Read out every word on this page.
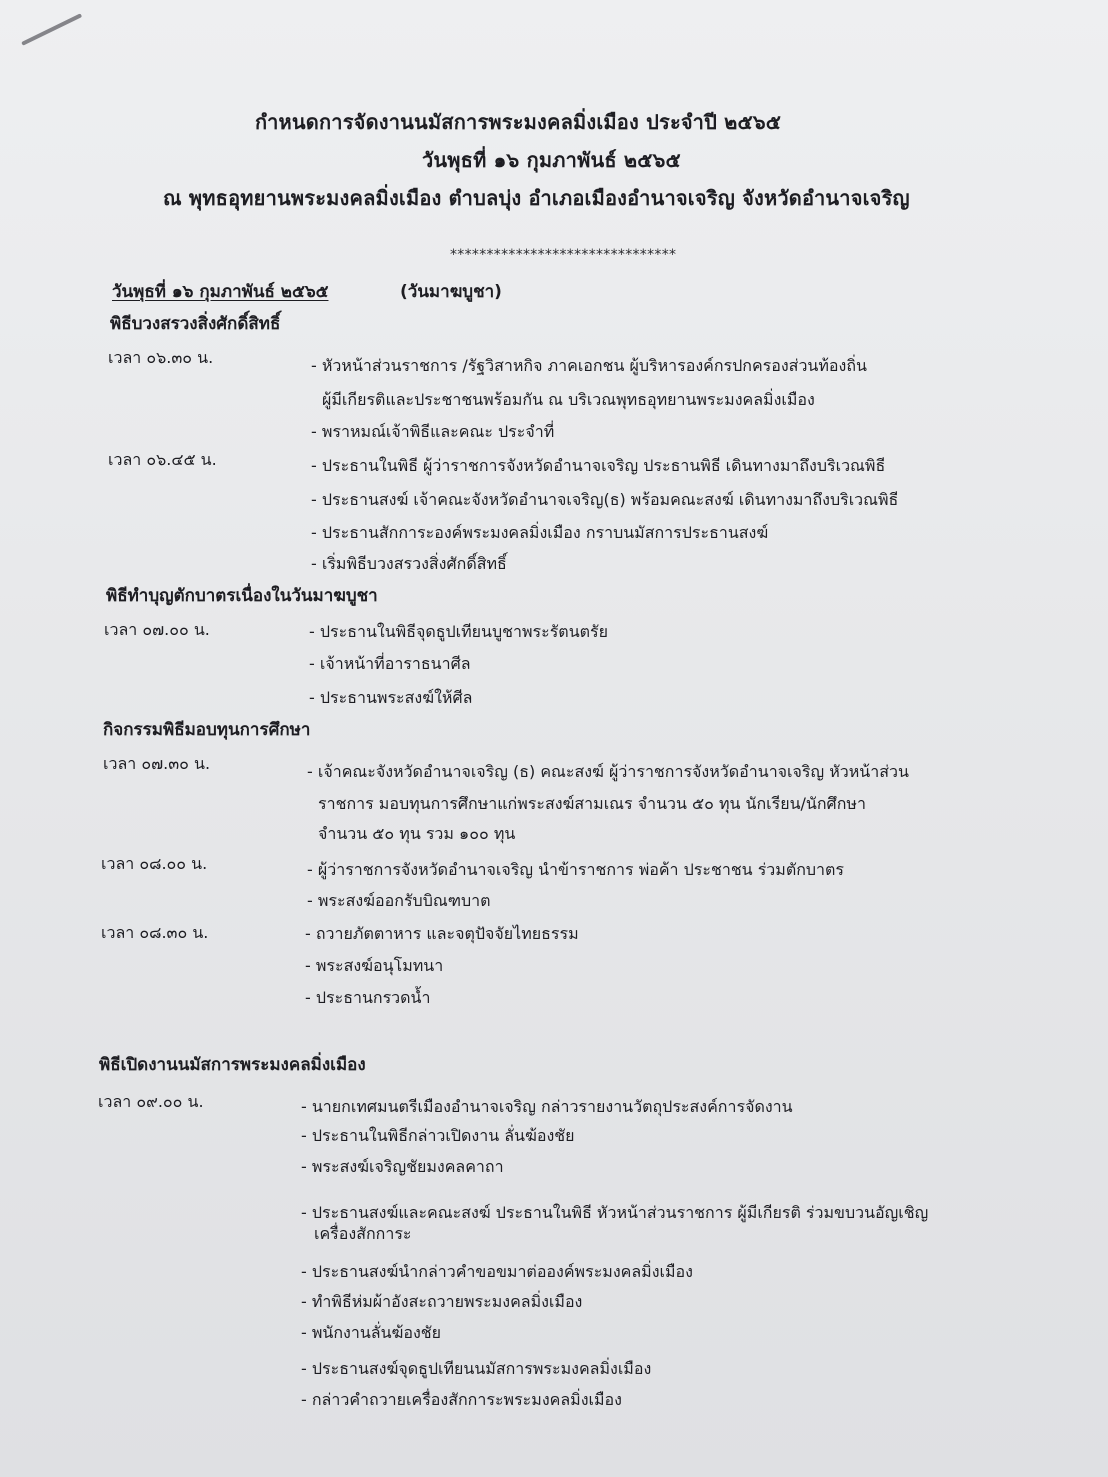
กำหนดการจัดงานนมัสการพระมงคลมิ่งเมือง ประจำปี ๒๕๖๕
วันพุธที่ ๑๖ กุมภาพันธ์ ๒๕๖๕
ณ พุทธอุทยานพระมงคลมิ่งเมือง ตำบลบุ่ง อำเภอเมืองอำนาจเจริญ จังหวัดอำนาจเจริญ
*******************************
วันพุธที่ ๑๖ กุมภาพันธ์ ๒๕๖๕	(วันมาฆบูชา)
พิธีบวงสรวงสิ่งศักดิ์สิทธิ์
เวลา ๐๖.๓๐ น.	- หัวหน้าส่วนราชการ /รัฐวิสาหกิจ ภาคเอกชน ผู้บริหารองค์กรปกครองส่วนท้องถิ่น
ผู้มีเกียรติและประชาชนพร้อมกัน ณ บริเวณพุทธอุทยานพระมงคลมิ่งเมือง
- พราหมณ์เจ้าพิธีและคณะ ประจำที่
เวลา ๐๖.๔๕ น.	- ประธานในพิธี ผู้ว่าราชการจังหวัดอำนาจเจริญ ประธานพิธี เดินทางมาถึงบริเวณพิธี
- ประธานสงฆ์ เจ้าคณะจังหวัดอำนาจเจริญ(ธ) พร้อมคณะสงฆ์ เดินทางมาถึงบริเวณพิธี
- ประธานสักการะองค์พระมงคลมิ่งเมือง กราบนมัสการประธานสงฆ์
- เริ่มพิธีบวงสรวงสิ่งศักดิ์สิทธิ์
พิธีทำบุญตักบาตรเนื่องในวันมาฆบูชา
เวลา ๐๗.๐๐ น.	- ประธานในพิธีจุดธูปเทียนบูชาพระรัตนตรัย
- เจ้าหน้าที่อาราธนาศีล
- ประธานพระสงฆ์ให้ศีล
กิจกรรมพิธีมอบทุนการศึกษา
เวลา ๐๗.๓๐ น.	- เจ้าคณะจังหวัดอำนาจเจริญ (ธ) คณะสงฆ์ ผู้ว่าราชการจังหวัดอำนาจเจริญ หัวหน้าส่วน
ราชการ มอบทุนการศึกษาแก่พระสงฆ์สามเณร จำนวน ๕๐ ทุน นักเรียน/นักศึกษา
จำนวน ๕๐ ทุน รวม ๑๐๐ ทุน
เวลา ๐๘.๐๐ น.	- ผู้ว่าราชการจังหวัดอำนาจเจริญ นำข้าราชการ พ่อค้า ประชาชน ร่วมตักบาตร
- พระสงฆ์ออกรับบิณฑบาต
เวลา ๐๘.๓๐ น.	- ถวายภัตตาหาร และจตุปัจจัยไทยธรรม
- พระสงฆ์อนุโมทนา
- ประธานกรวดน้ำ
พิธีเปิดงานนมัสการพระมงคลมิ่งเมือง
เวลา ๐๙.๐๐ น.	- นายกเทศมนตรีเมืองอำนาจเจริญ กล่าวรายงานวัตถุประสงค์การจัดงาน
- ประธานในพิธีกล่าวเปิดงาน ลั่นฆ้องชัย
- พระสงฆ์เจริญชัยมงคลคาถา
- ประธานสงฆ์และคณะสงฆ์ ประธานในพิธี หัวหน้าส่วนราชการ ผู้มีเกียรติ ร่วมขบวนอัญเชิญ
เครื่องสักการะ
- ประธานสงฆ์นำกล่าวคำขอขมาต่อองค์พระมงคลมิ่งเมือง
- ทำพิธีห่มผ้าอังสะถวายพระมงคลมิ่งเมือง
- พนักงานลั่นฆ้องชัย
- ประธานสงฆ์จุดธูปเทียนนมัสการพระมงคลมิ่งเมือง
- กล่าวคำถวายเครื่องสักการะพระมงคลมิ่งเมือง
